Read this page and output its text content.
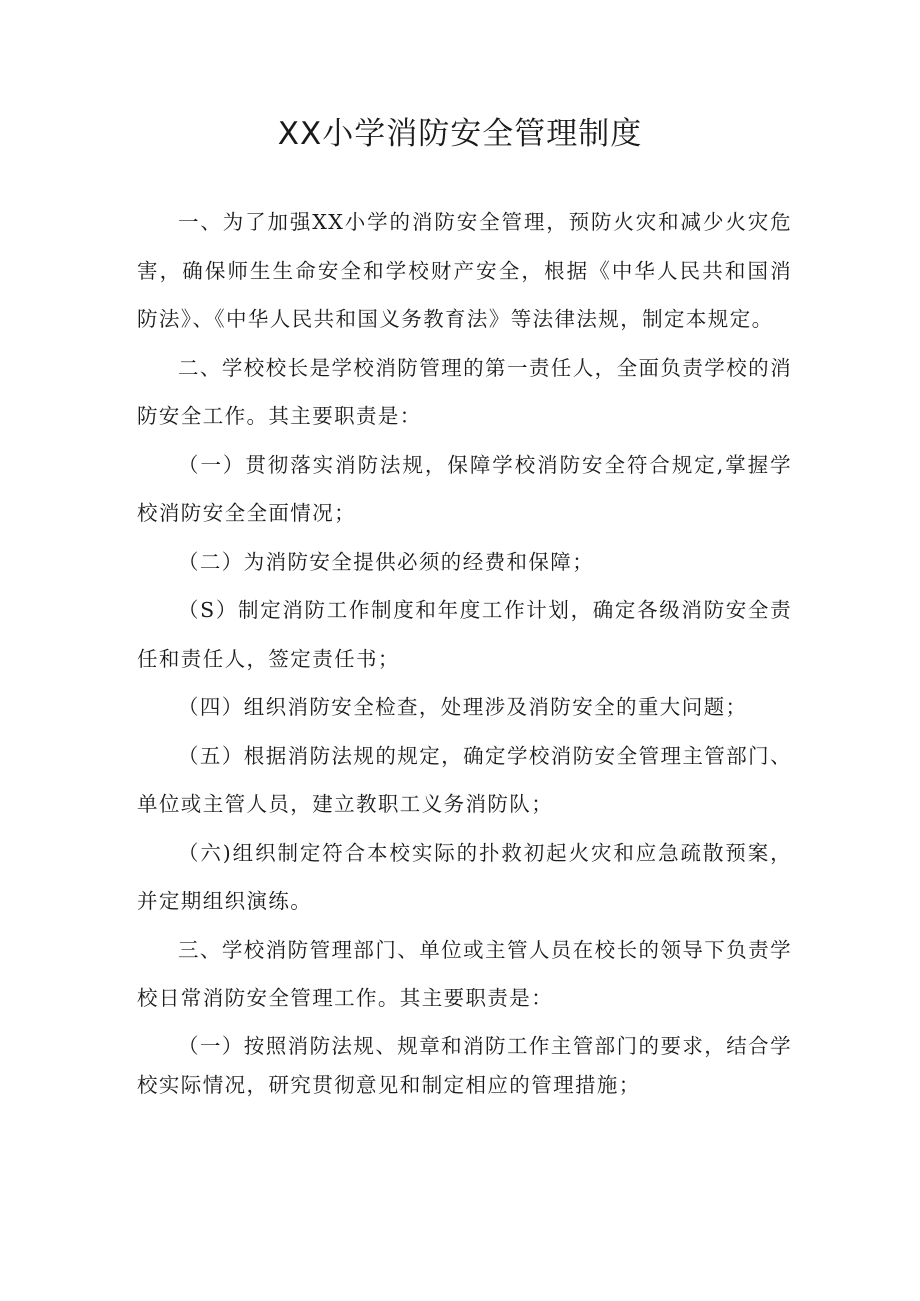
XX小学消防安全管理制度

一、为了加强XX小学的消防安全管理，预防火灾和减少火灾危害，确保师生生命安全和学校财产安全，根据《中华人民共和国消防法》、《中华人民共和国义务教育法》等法律法规，制定本规定。

二、学校校长是学校消防管理的第一责任人，全面负责学校的消防安全工作。其主要职责是：

（一）贯彻落实消防法规，保障学校消防安全符合规定,掌握学校消防安全全面情况；

（二）为消防安全提供必须的经费和保障；

（S）制定消防工作制度和年度工作计划，确定各级消防安全责任和责任人，签定责任书；

（四）组织消防安全检查，处理涉及消防安全的重大问题；

（五）根据消防法规的规定，确定学校消防安全管理主管部门、单位或主管人员，建立教职工义务消防队；

（六)组织制定符合本校实际的扑救初起火灾和应急疏散预案，并定期组织演练。

三、学校消防管理部门、单位或主管人员在校长的领导下负责学校日常消防安全管理工作。其主要职责是：

（一）按照消防法规、规章和消防工作主管部门的要求，结合学校实际情况，研究贯彻意见和制定相应的管理措施；
